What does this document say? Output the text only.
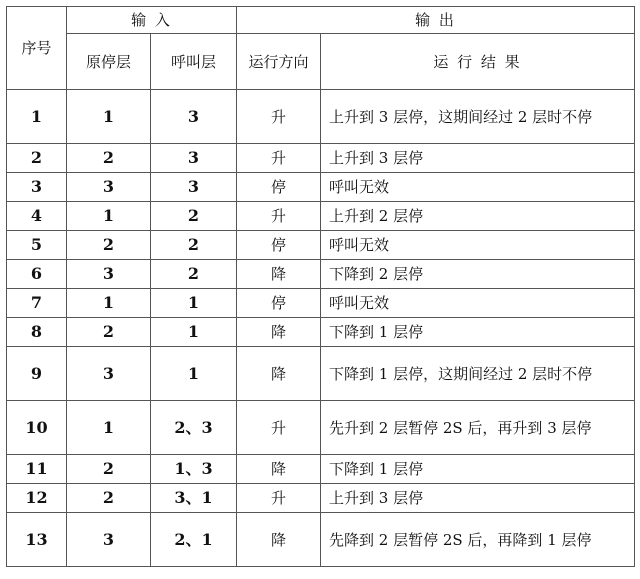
序号	输 入		输 出	
	原停层	呼叫层	运行方向	运 行 结 果
1	1	3	升	上升到 3 层停，这期间经过 2 层时不停
2	2	3	升	上升到 3 层停
3	3	3	停	呼叫无效
4	1	2	升	上升到 2 层停
5	2	2	停	呼叫无效
6	3	2	降	下降到 2 层停
7	1	1	停	呼叫无效
8	2	1	降	下降到 1 层停
9	3	1	降	下降到 1 层停，这期间经过 2 层时不停
10	1	2、3	升	先升到 2 层暂停 2S 后，再升到 3 层停
11	2	1、3	降	下降到 1 层停
12	2	3、1	升	上升到 3 层停
13	3	2、1	降	先降到 2 层暂停 2S 后，再降到 1 层停
